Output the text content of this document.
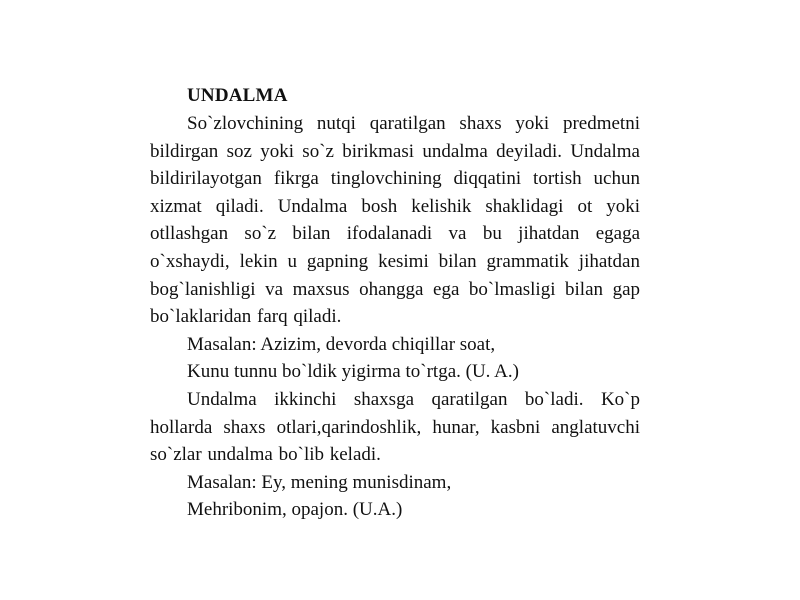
UNDALMA

So`zlovchining nutqi qaratilgan shaxs yoki predmetni bildirgan soz yoki so`z birikmasi undalma deyiladi. Undalma bildirilayotgan fikrga tinglovchining diqqatini tortish uchun xizmat qiladi. Undalma bosh kelishik shaklidagi ot yoki otllashgan so`z bilan ifodalanadi va bu jihatdan egaga o`xshaydi, lekin u gapning kesimi bilan grammatik jihatdan bog`lanishligi va maxsus ohangga ega bo`lmasligi bilan gap bo`laklaridan farq qiladi.

Masalan: Azizim, devorda chiqillar soat,
Kunu tunnu bo`ldik yigirma to`rtga. (U. A.)

Undalma ikkinchi shaxsga qaratilgan bo`ladi. Ko`p hollarda shaxs otlari,qarindoshlik, hunar, kasbni anglatuvchi so`zlar undalma bo`lib keladi.

Masalan: Ey, mening munisdinam,
Mehribonim, opajon. (U.A.)
